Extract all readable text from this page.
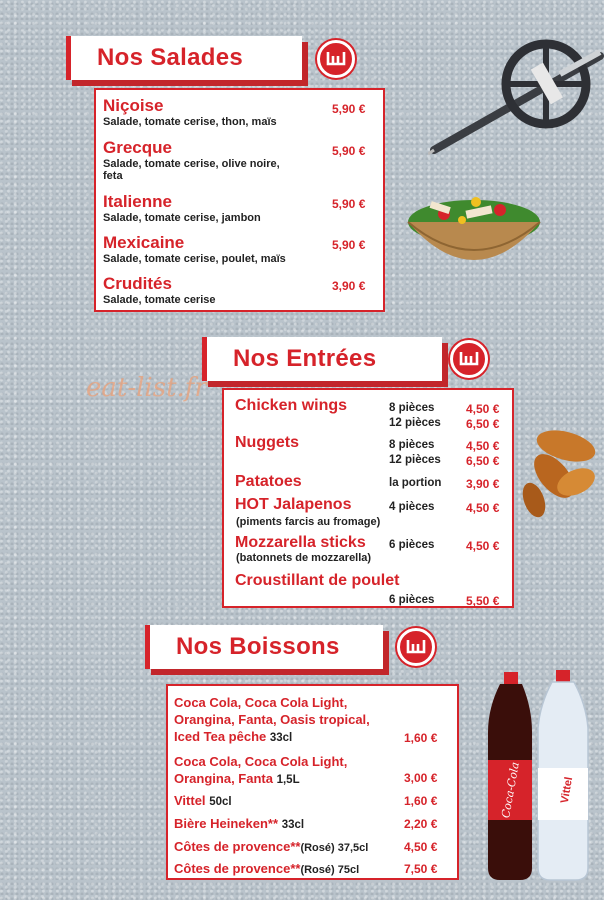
Nos Salades
Niçoise
Salade, tomate cerise, thon, maïs
5,90 €
Grecque
Salade, tomate cerise, olive noire,
feta
5,90 €
Italienne
Salade, tomate cerise, jambon
5,90 €
Mexicaine
Salade, tomate cerise, poulet, maïs
5,90 €
Crudités
Salade, tomate cerise
3,90 €
Nos Entrées
eat-list.fr
Chicken wings	8 pièces	4,50 €
12 pièces 6,50 €
Nuggets	8 pièces	4,50 €
12 pièces 6,50 €
Patatoes	la portion 3,90 €
HOT Jalapenos	4 pièces	4,50 €
(piments farcis au fromage)
Mozzarella sticks 6 pièces	4,50 €
(batonnets de mozzarella)
Croustillant de poulet
6 pièces	5,50 €
Nos Boissons
Coca Cola, Coca Cola Light,
Orangina, Fanta, Oasis tropical,
Iced Tea pêche 33cl	1,60 €
Coca Cola, Coca Cola Light,
Orangina, Fanta 1,5L	3,00 €
Vittel 50cl	1,60 €
Bière Heineken** 33cl	2,20 €
Côtes de provence**(Rosé) 37,5cl	4,50 €
Côtes de provence**(Rosé) 75cl	7,50 €
Coca-Cola	Vittel
